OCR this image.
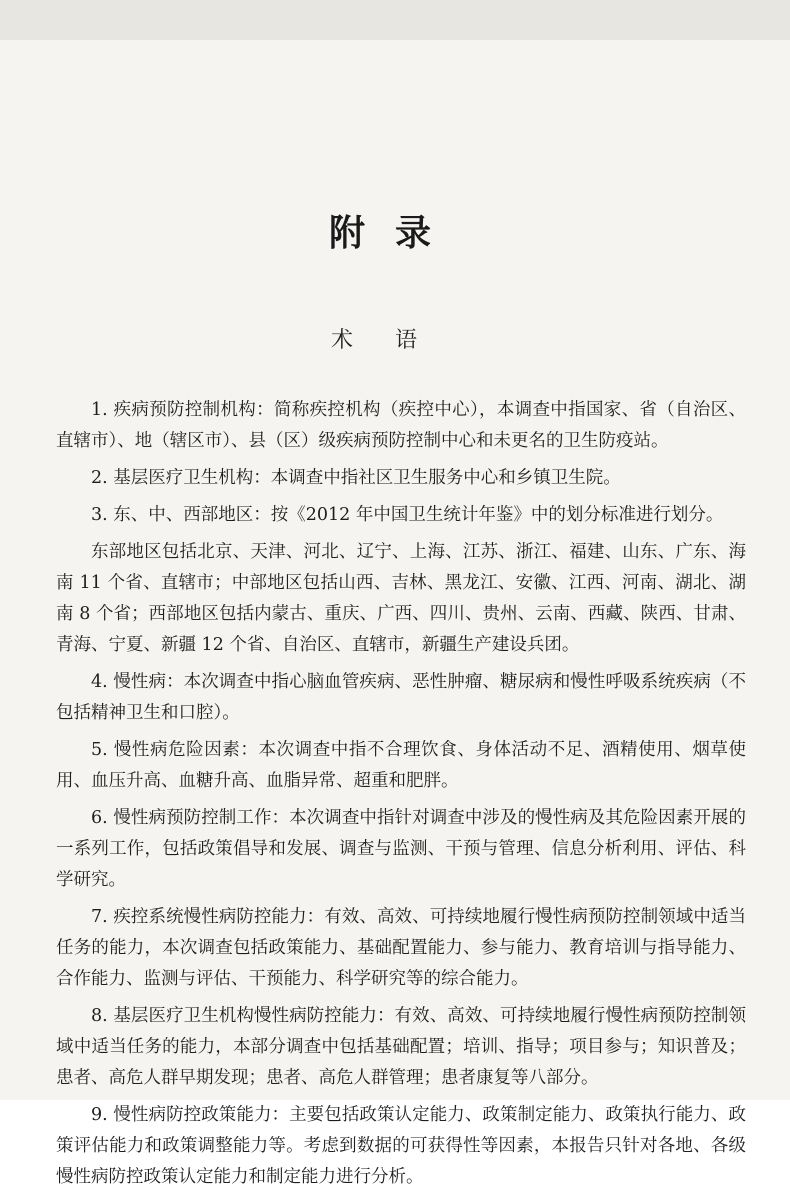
附录
术语

1. 疾病预防控制机构：简称疾控机构（疾控中心），本调查中指国家、省（自治区、直辖市）、地（辖区市）、县（区）级疾病预防控制中心和未更名的卫生防疫站。

2. 基层医疗卫生机构：本调查中指社区卫生服务中心和乡镇卫生院。

3. 东、中、西部地区：按《2012 年中国卫生统计年鉴》中的划分标准进行划分。

东部地区包括北京、天津、河北、辽宁、上海、江苏、浙江、福建、山东、广东、海南 11 个省、直辖市；中部地区包括山西、吉林、黑龙江、安徽、江西、河南、湖北、湖南 8 个省；西部地区包括内蒙古、重庆、广西、四川、贵州、云南、西藏、陕西、甘肃、青海、宁夏、新疆 12 个省、自治区、直辖市，新疆生产建设兵团。

4. 慢性病：本次调查中指心脑血管疾病、恶性肿瘤、糖尿病和慢性呼吸系统疾病（不包括精神卫生和口腔）。

5. 慢性病危险因素：本次调查中指不合理饮食、身体活动不足、酒精使用、烟草使用、血压升高、血糖升高、血脂异常、超重和肥胖。

6. 慢性病预防控制工作：本次调查中指针对调查中涉及的慢性病及其危险因素开展的一系列工作，包括政策倡导和发展、调查与监测、干预与管理、信息分析利用、评估、科学研究。

7. 疾控系统慢性病防控能力：有效、高效、可持续地履行慢性病预防控制领域中适当任务的能力，本次调查包括政策能力、基础配置能力、参与能力、教育培训与指导能力、合作能力、监测与评估、干预能力、科学研究等的综合能力。

8. 基层医疗卫生机构慢性病防控能力：有效、高效、可持续地履行慢性病预防控制领域中适当任务的能力，本部分调查中包括基础配置；培训、指导；项目参与；知识普及；患者、高危人群早期发现；患者、高危人群管理；患者康复等八部分。

9. 慢性病防控政策能力：主要包括政策认定能力、政策制定能力、政策执行能力、政策评估能力和政策调整能力等。考虑到数据的可获得性等因素，本报告只针对各地、各级慢性病防控政策认定能力和制定能力进行分析。
